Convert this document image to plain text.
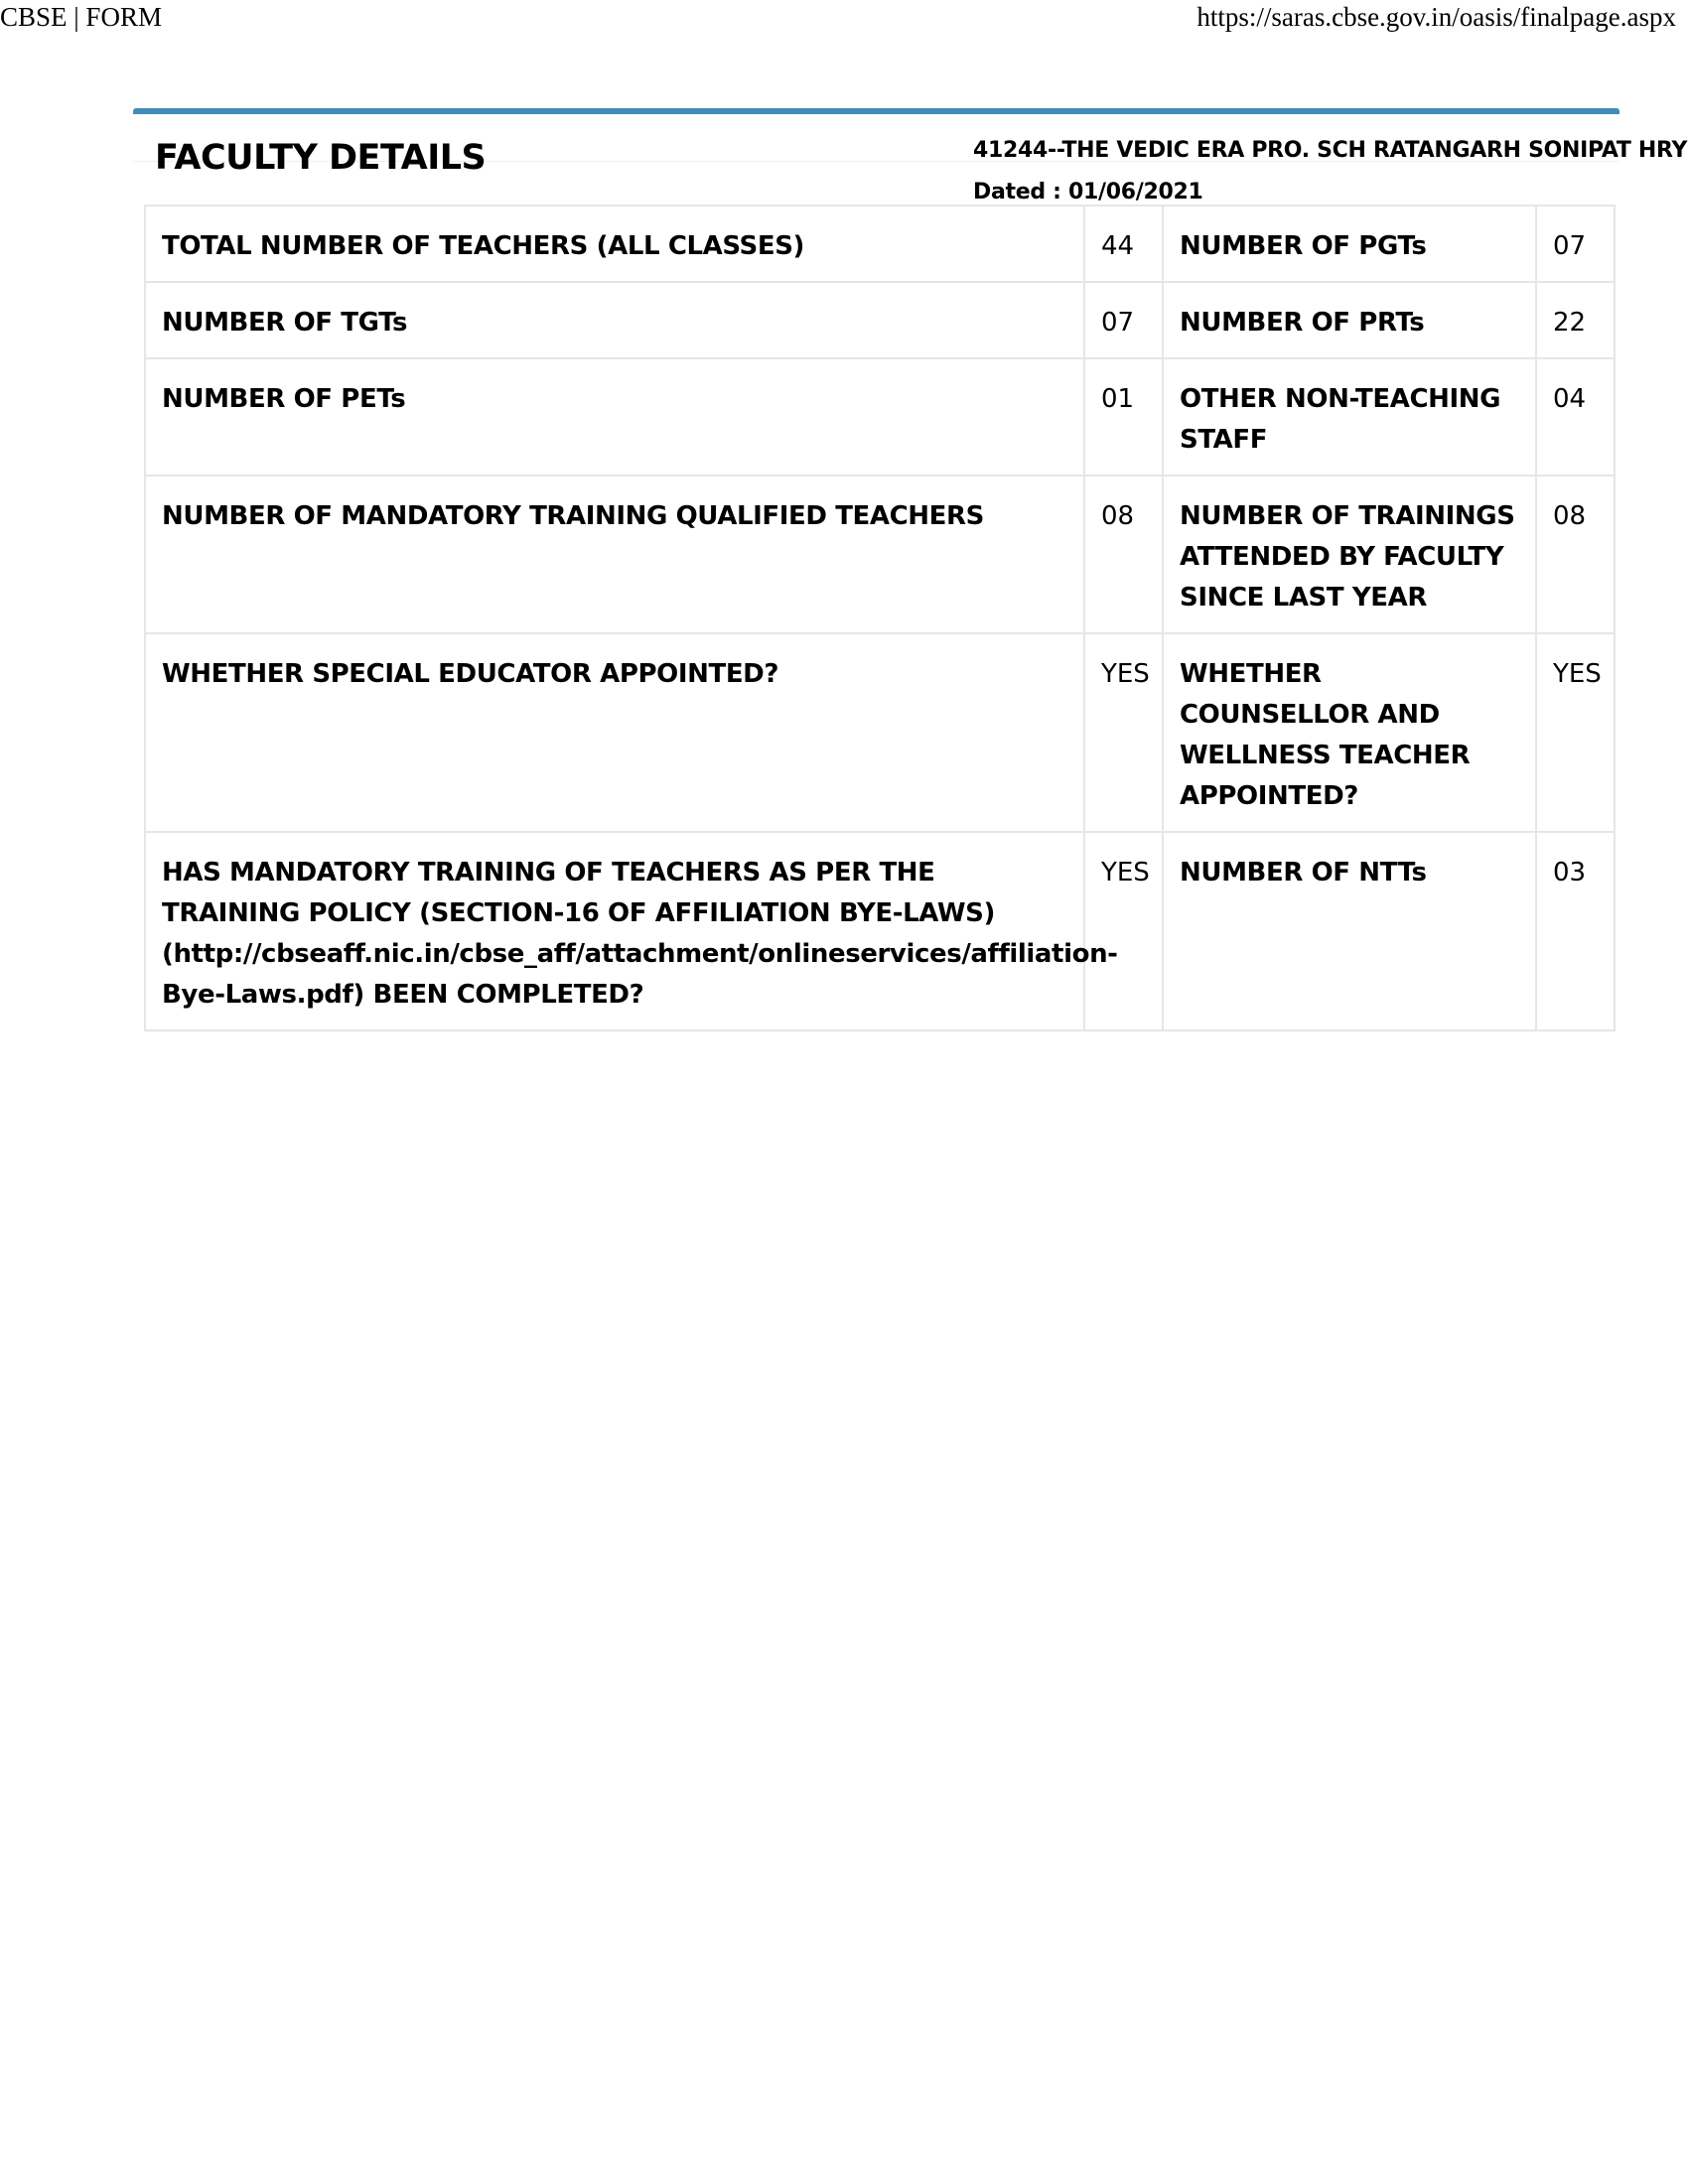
CBSE | FORM	https://saras.cbse.gov.in/oasis/finalpage.aspx
FACULTY DETAILS	41244--THE VEDIC ERA PRO. SCH RATANGARH SONIPAT HRY
Dated : 01/06/2021
TOTAL NUMBER OF TEACHERS (ALL CLASSES)	44	NUMBER OF PGTs	07
NUMBER OF TGTs	07	NUMBER OF PRTs	22
NUMBER OF PETs	01	OTHER NON-TEACHING STAFF	04
NUMBER OF MANDATORY TRAINING QUALIFIED TEACHERS	08	NUMBER OF TRAININGS ATTENDED BY FACULTY SINCE LAST YEAR	08
WHETHER SPECIAL EDUCATOR APPOINTED?	YES	WHETHER COUNSELLOR AND WELLNESS TEACHER APPOINTED?	YES
HAS MANDATORY TRAINING OF TEACHERS AS PER THE TRAINING POLICY (SECTION-16 OF AFFILIATION BYE-LAWS) (http://cbseaff.nic.in/cbse_aff/attachment/onlineservices/affiliation-Bye-Laws.pdf) BEEN COMPLETED?	YES	NUMBER OF NTTs	03
